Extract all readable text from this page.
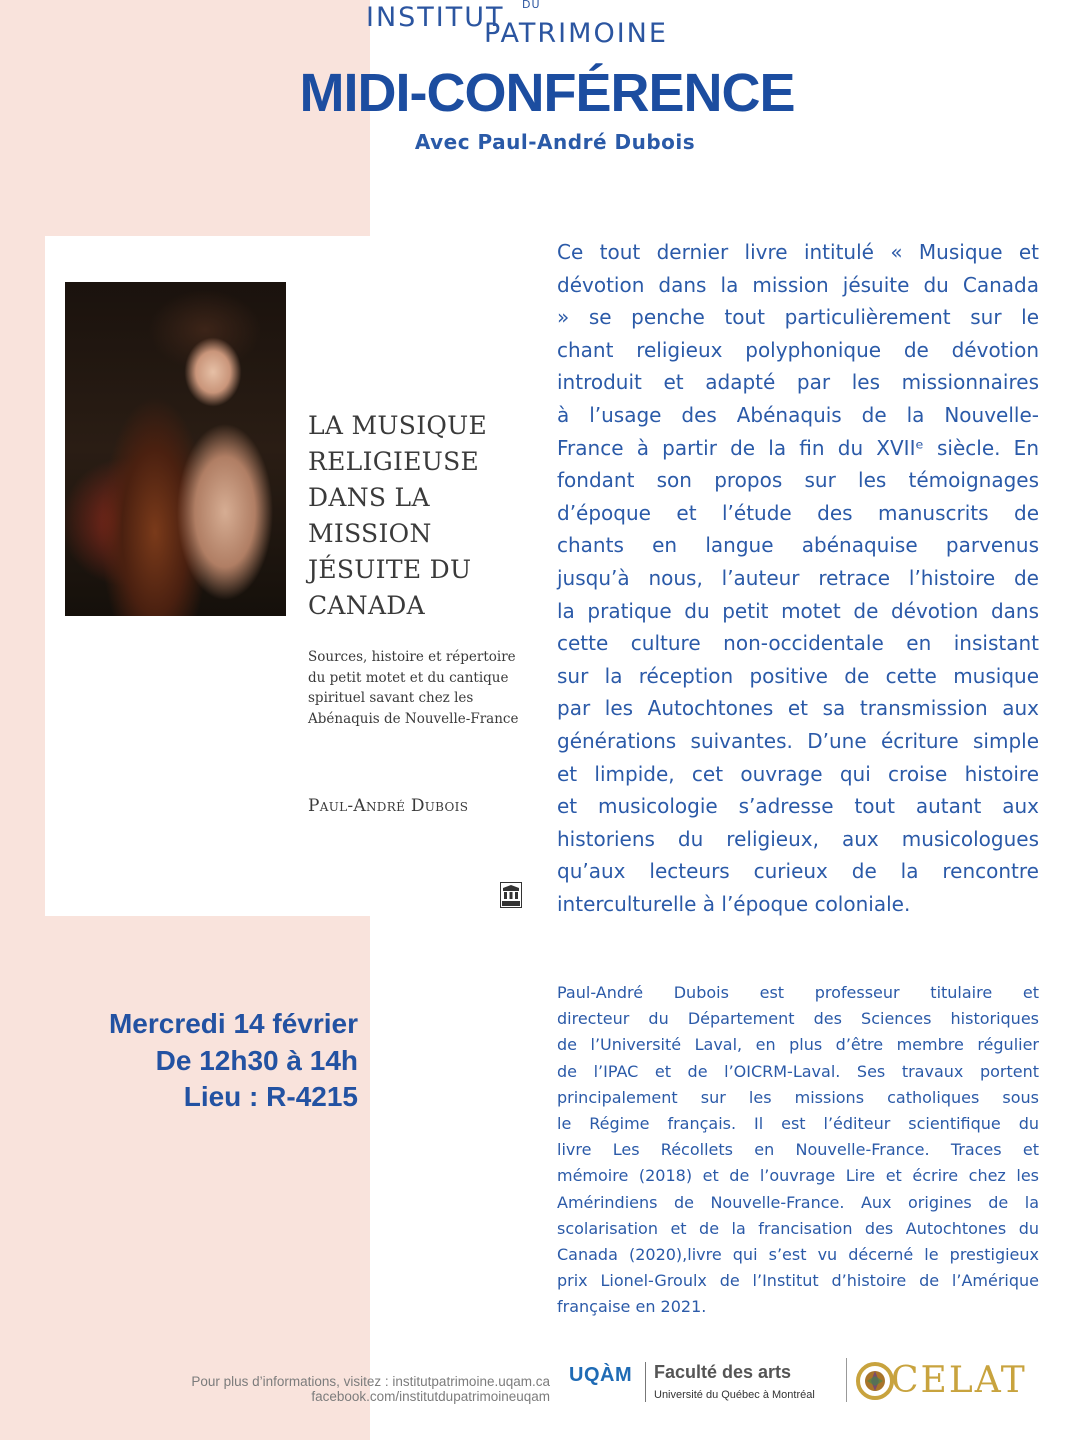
INSTITUT DU
PATRIMOINE
MIDI-CONFÉRENCE
Avec Paul-André Dubois
LA MUSIQUE
RELIGIEUSE
DANS LA
MISSION
JÉSUITE DU
CANADA
Sources, histoire et répertoire
du petit motet et du cantique
spirituel savant chez les
Abénaquis de Nouvelle-France
Paul-André Dubois
Ce tout dernier livre intitulé « Musique et
dévotion dans la mission jésuite du Canada
» se penche tout particulièrement sur le
chant religieux polyphonique de dévotion
introduit et adapté par les missionnaires
à l’usage des Abénaquis de la Nouvelle-
France à partir de la fin du XVIIᵉ siècle. En
fondant son propos sur les témoignages
d’époque et l’étude des manuscrits de
chants en langue abénaquise parvenus
jusqu’à nous, l’auteur retrace l’histoire de
la pratique du petit motet de dévotion dans
cette culture non-occidentale en insistant
sur la réception positive de cette musique
par les Autochtones et sa transmission aux
générations suivantes. D’une écriture simple
et limpide, cet ouvrage qui croise histoire
et musicologie s’adresse tout autant aux
historiens du religieux, aux musicologues
qu’aux lecteurs curieux de la rencontre
interculturelle à l’époque coloniale.
Mercredi 14 février
De 12h30 à 14h
Lieu : R-4215
Paul-André Dubois est professeur titulaire et
directeur du Département des Sciences historiques
de l’Université Laval, en plus d’être membre régulier
de l’IPAC et de l’OICRM-Laval. Ses travaux portent
principalement sur les missions catholiques sous
le Régime français. Il est l’éditeur scientifique du
livre Les Récollets en Nouvelle-France. Traces et
mémoire (2018) et de l’ouvrage Lire et écrire chez les
Amérindiens de Nouvelle-France. Aux origines de la
scolarisation et de la francisation des Autochtones du
Canada (2020),livre qui s’est vu décerné le prestigieux
prix Lionel-Groulx de l’Institut d’histoire de l’Amérique
française en 2021.
Pour plus d’informations, visitez : institutpatrimoine.uqam.ca
facebook.com/institutdupatrimoineuqam
UQÀM Faculté des arts
Université du Québec à Montréal CELAT
